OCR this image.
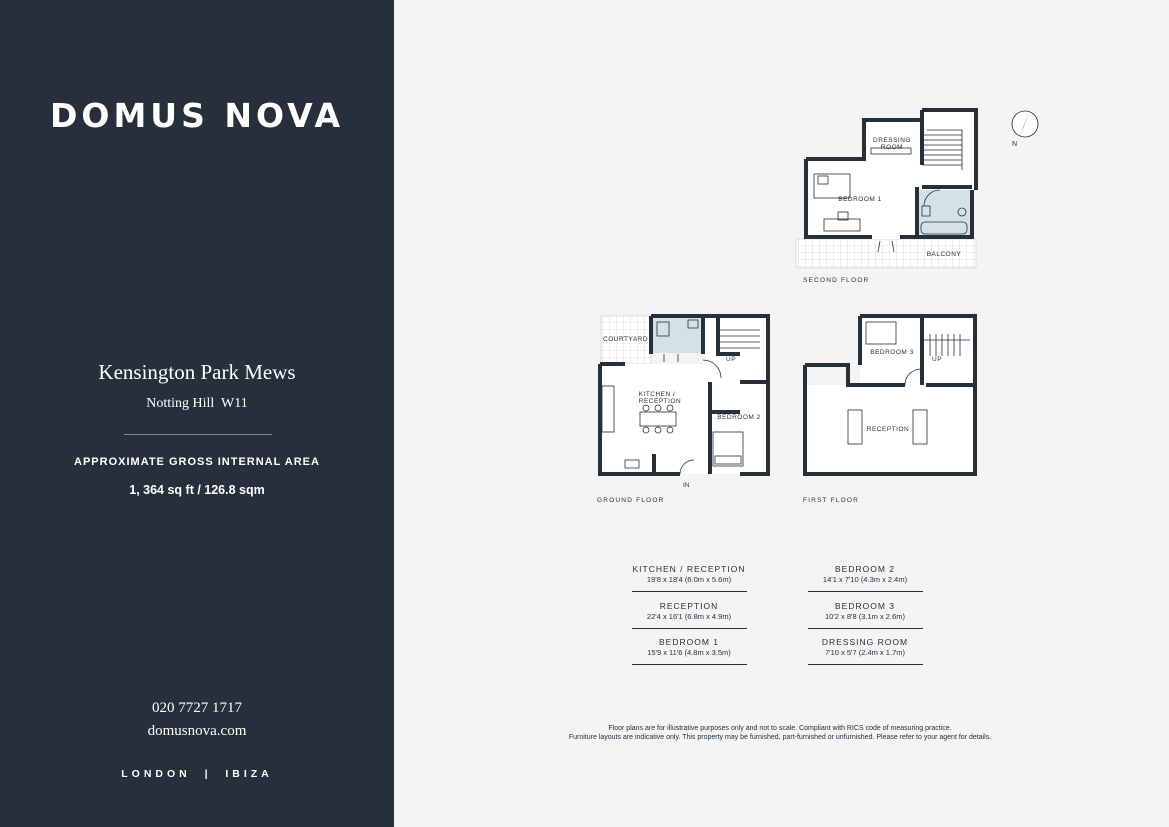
DOMUS NOVA
Kensington Park Mews
Notting Hill  W11
APPROXIMATE GROSS INTERNAL AREA
1, 364 sq ft / 126.8 sqm
020 7727 1717
domusnova.com
LONDON  |  IBIZA
DRESSING
ROOM
BEDROOM 1
BALCONY
SECOND FLOOR
N
COURTYARD
KITCHEN /
RECEPTION
UP
BEDROOM 2
IN
GROUND FLOOR
BEDROOM 3
RECEPTION
UP
FIRST FLOOR
KITCHEN / RECEPTION
19'8 x 18'4 (6.0m x 5.6m)
BEDROOM 2
14'1 x 7'10 (4.3m x 2.4m)
RECEPTION
22'4 x 16'1 (6.8m x 4.9m)
BEDROOM 3
10'2 x 8'8 (3.1m x 2.6m)
BEDROOM 1
15'9 x 11'6 (4.8m x 3.5m)
DRESSING ROOM
7'10 x 5'7 (2.4m x 1.7m)
Floor plans are for illustrative purposes only and not to scale. Compliant with RICS code of measuring practice.
Furniture layouts are indicative only. This property may be furnished, part-furnished or unfurnished. Please refer to your agent for details.
